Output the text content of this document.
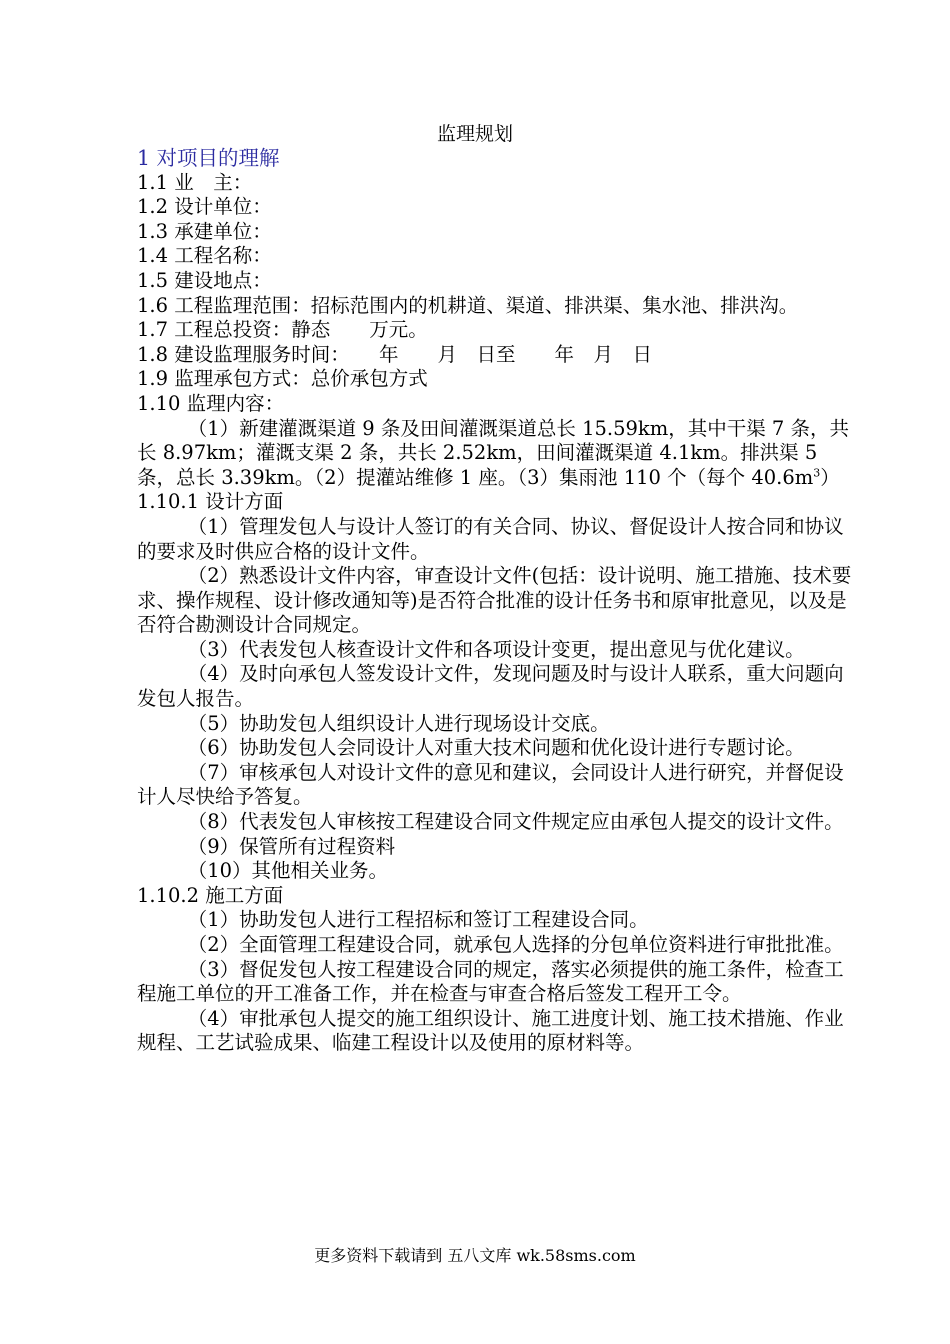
监理规划

1 对项目的理解

1.1 业　主：

1.2 设计单位：

1.3 承建单位：

1.4 工程名称：

1.5 建设地点：

1.6 工程监理范围：招标范围内的机耕道、渠道、排洪渠、集水池、排洪沟。

1.7 工程总投资：静态　　万元。

1.8 建设监理服务时间：　　年　　月　日至　　年　月　日

1.9 监理承包方式：总价承包方式

1.10 监理内容：

（1）新建灌溉渠道 9 条及田间灌溉渠道总长 15.59km，其中干渠 7 条，共长 8.97km；灌溉支渠 2 条，共长 2.52km，田间灌溉渠道 4.1km。排洪渠 5 条，总长 3.39km。（2）提灌站维修 1 座。（3）集雨池 110 个（每个 $40.6m^3$）

1.10.1 设计方面

（1）管理发包人与设计人签订的有关合同、协议、督促设计人按合同和协议的要求及时供应合格的设计文件。

（2）熟悉设计文件内容，审查设计文件(包括：设计说明、施工措施、技术要求、操作规程、设计修改通知等)是否符合批准的设计任务书和原审批意见，以及是否符合勘测设计合同规定。

（3）代表发包人核查设计文件和各项设计变更，提出意见与优化建议。

（4）及时向承包人签发设计文件，发现问题及时与设计人联系，重大问题向发包人报告。

（5）协助发包人组织设计人进行现场设计交底。

（6）协助发包人会同设计人对重大技术问题和优化设计进行专题讨论。

（7）审核承包人对设计文件的意见和建议，会同设计人进行研究，并督促设计人尽快给予答复。

（8）代表发包人审核按工程建设合同文件规定应由承包人提交的设计文件。

（9）保管所有过程资料

（10）其他相关业务。

1.10.2 施工方面

（1）协助发包人进行工程招标和签订工程建设合同。

（2）全面管理工程建设合同，就承包人选择的分包单位资料进行审批批准。

（3）督促发包人按工程建设合同的规定，落实必须提供的施工条件，检查工程施工单位的开工准备工作，并在检查与审查合格后签发工程开工令。

（4）审批承包人提交的施工组织设计、施工进度计划、施工技术措施、作业规程、工艺试验成果、临建工程设计以及使用的原材料等。

更多资料下载请到 五八文库 wk.58sms.com
